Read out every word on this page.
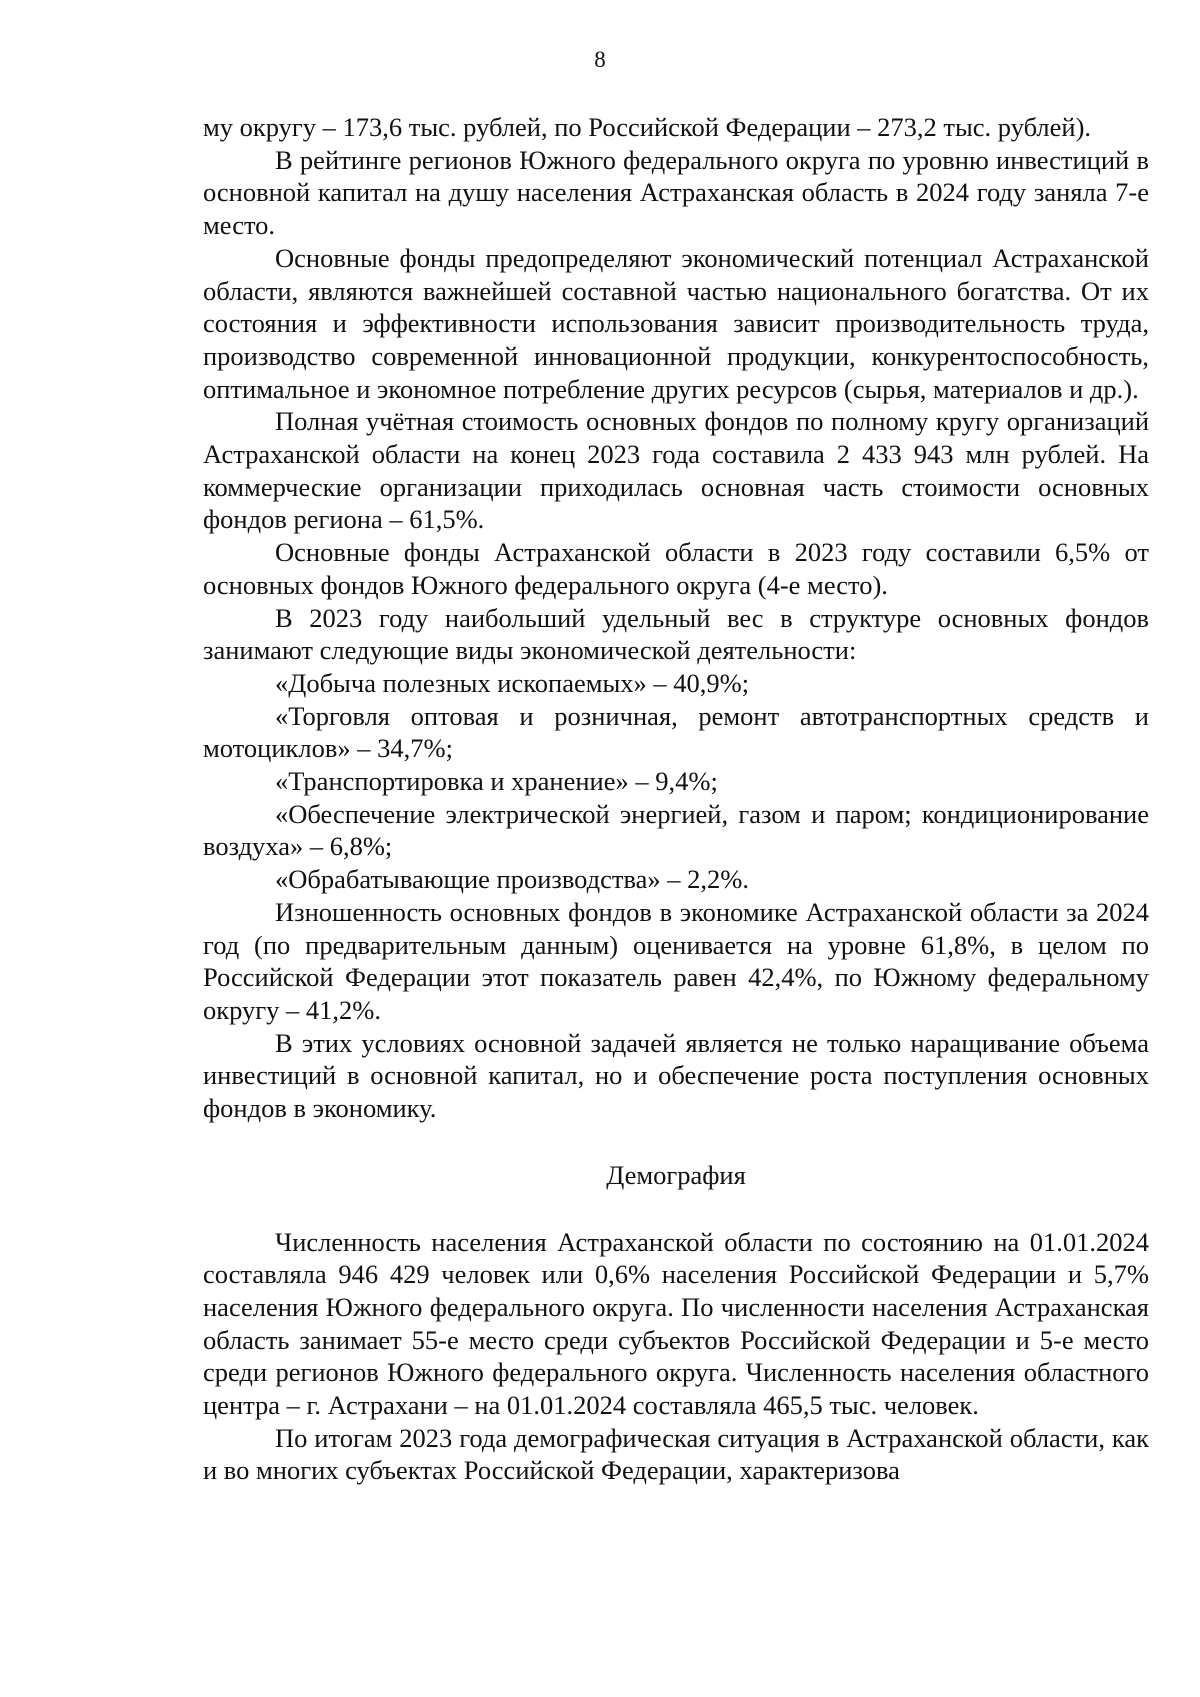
8

му округу – 173,6 тыс. рублей, по Российской Федерации – 273,2 тыс. рублей).

В рейтинге регионов Южного федерального округа по уровню инвестиций в основной капитал на душу населения Астраханская область в 2024 году заняла 7-е место.

Основные фонды предопределяют экономический потенциал Астраханской области, являются важнейшей составной частью национального богатства. От их состояния и эффективности использования зависит производительность труда, производство современной инновационной продукции, конкурентоспособность, оптимальное и экономное потребление других ресурсов (сырья, материалов и др.).

Полная учётная стоимость основных фондов по полному кругу организаций Астраханской области на конец 2023 года составила 2 433 943 млн рублей. На коммерческие организации приходилась основная часть стоимости основных фондов региона – 61,5%.

Основные фонды Астраханской области в 2023 году составили 6,5% от основных фондов Южного федерального округа (4-е место).

В 2023 году наибольший удельный вес в структуре основных фондов занимают следующие виды экономической деятельности:

«Добыча полезных ископаемых» – 40,9%;

«Торговля оптовая и розничная, ремонт автотранспортных средств и мотоциклов» – 34,7%;

«Транспортировка и хранение» – 9,4%;

«Обеспечение электрической энергией, газом и паром; кондиционирование воздуха» – 6,8%;

«Обрабатывающие производства» – 2,2%.

Изношенность основных фондов в экономике Астраханской области за 2024 год (по предварительным данным) оценивается на уровне 61,8%, в целом по Российской Федерации этот показатель равен 42,4%, по Южному федеральному округу – 41,2%.

В этих условиях основной задачей является не только наращивание объема инвестиций в основной капитал, но и обеспечение роста поступления основных фондов в экономику.

Демография

Численность населения Астраханской области по состоянию на 01.01.2024 составляла 946 429 человек или 0,6% населения Российской Федерации и 5,7% населения Южного федерального округа. По численности населения Астраханская область занимает 55-е место среди субъектов Российской Федерации и 5-е место среди регионов Южного федерального округа. Численность населения областного центра – г. Астрахани – на 01.01.2024 составляла 465,5 тыс. человек.

По итогам 2023 года демографическая ситуация в Астраханской области, как и во многих субъектах Российской Федерации, характеризова
